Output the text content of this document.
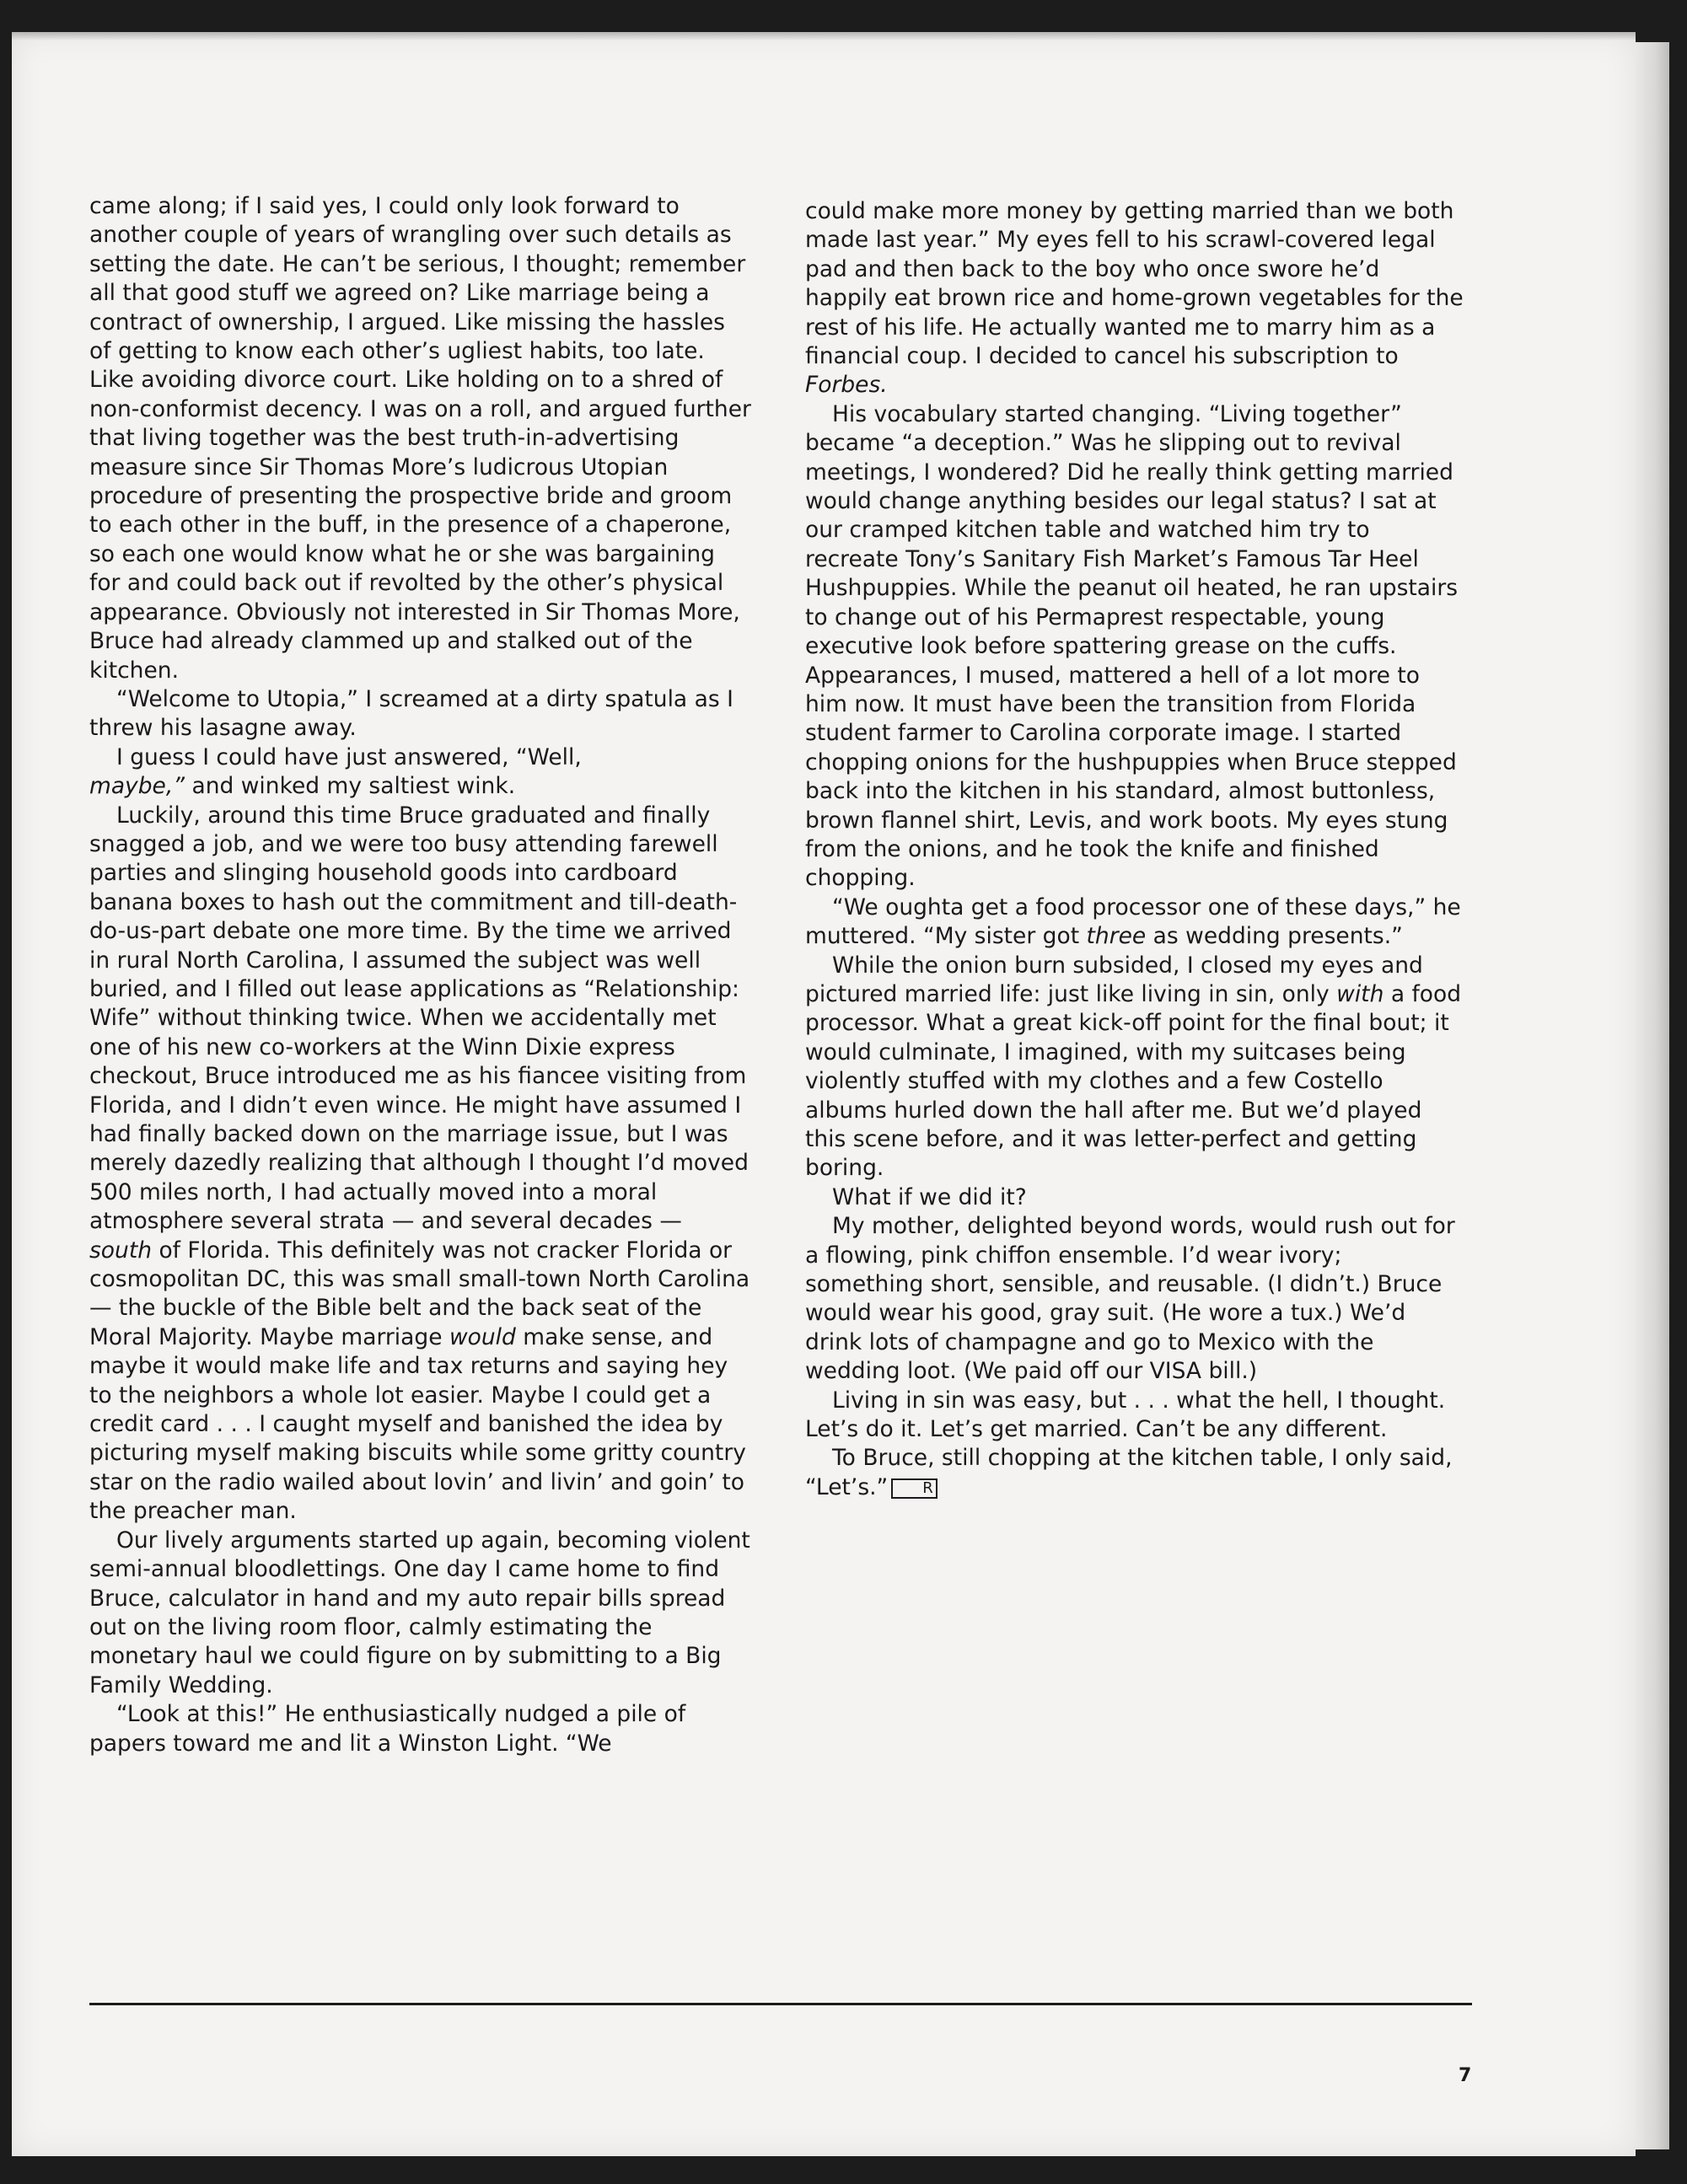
came along; if I said yes, I could only look forward to another couple of years of wrangling over such details as setting the date. He can’t be serious, I thought; remember all that good stuff we agreed on? Like marriage being a contract of ownership, I argued. Like missing the hassles of getting to know each other’s ugliest habits, too late. Like avoiding divorce court. Like holding on to a shred of non-conformist decency. I was on a roll, and argued further that living together was the best truth-in-advertising measure since Sir Thomas More’s ludicrous Utopian procedure of presenting the prospective bride and groom to each other in the buff, in the presence of a chaperone, so each one would know what he or she was bargaining for and could back out if revolted by the other’s physical appearance. Obviously not interested in Sir Thomas More, Bruce had already clammed up and stalked out of the kitchen.

“Welcome to Utopia,” I screamed at a dirty spatula as I threw his lasagne away.

I guess I could have just answered, “Well,
maybe,” and winked my saltiest wink.

Luckily, around this time Bruce graduated and finally snagged a job, and we were too busy attending farewell parties and slinging household goods into cardboard banana boxes to hash out the commitment and till-death-do-us-part debate one more time. By the time we arrived in rural North Carolina, I assumed the subject was well buried, and I filled out lease applications as “Relationship: Wife” without thinking twice. When we accidentally met one of his new co-workers at the Winn Dixie express checkout, Bruce introduced me as his fiancee visiting from Florida, and I didn’t even wince. He might have assumed I had finally backed down on the marriage issue, but I was merely dazedly realizing that although I thought I’d moved 500 miles north, I had actually moved into a moral atmosphere several strata — and several decades — south of Florida. This definitely was not cracker Florida or cosmopolitan DC, this was small small-town North Carolina — the buckle of the Bible belt and the back seat of the Moral Majority. Maybe marriage would make sense, and maybe it would make life and tax returns and saying hey to the neighbors a whole lot easier. Maybe I could get a credit card . . . I caught myself and banished the idea by picturing myself making biscuits while some gritty country star on the radio wailed about lovin’ and livin’ and goin’ to the preacher man.

Our lively arguments started up again, becoming violent semi-annual bloodlettings. One day I came home to find Bruce, calculator in hand and my auto repair bills spread out on the living room floor, calmly estimating the monetary haul we could figure on by submitting to a Big Family Wedding.

“Look at this!” He enthusiastically nudged a pile of papers toward me and lit a Winston Light. “We

could make more money by getting married than we both made last year.” My eyes fell to his scrawl-covered legal pad and then back to the boy who once swore he’d happily eat brown rice and home-grown vegetables for the rest of his life. He actually wanted me to marry him as a financial coup. I decided to cancel his subscription to Forbes.

His vocabulary started changing. “Living together” became “a deception.” Was he slipping out to revival meetings, I wondered? Did he really think getting married would change anything besides our legal status? I sat at our cramped kitchen table and watched him try to recreate Tony’s Sanitary Fish Market’s Famous Tar Heel Hushpuppies. While the peanut oil heated, he ran upstairs to change out of his Permaprest respectable, young executive look before spattering grease on the cuffs. Appearances, I mused, mattered a hell of a lot more to him now. It must have been the transition from Florida student farmer to Carolina corporate image. I started chopping onions for the hushpuppies when Bruce stepped back into the kitchen in his standard, almost buttonless, brown flannel shirt, Levis, and work boots. My eyes stung from the onions, and he took the knife and finished chopping.

“We oughta get a food processor one of these days,” he muttered. “My sister got three as wedding presents.”

While the onion burn subsided, I closed my eyes and pictured married life: just like living in sin, only with a food processor. What a great kick-off point for the final bout; it would culminate, I imagined, with my suitcases being violently stuffed with my clothes and a few Costello albums hurled down the hall after me. But we’d played this scene before, and it was letter-perfect and getting boring.

What if we did it?

My mother, delighted beyond words, would rush out for a flowing, pink chiffon ensemble. I’d wear ivory; something short, sensible, and reusable. (I didn’t.) Bruce would wear his good, gray suit. (He wore a tux.) We’d drink lots of champagne and go to Mexico with the wedding loot. (We paid off our VISA bill.)

Living in sin was easy, but . . . what the hell, I thought. Let’s do it. Let’s get married. Can’t be any different.

To Bruce, still chopping at the kitchen table, I only said, “Let’s.” R

7
